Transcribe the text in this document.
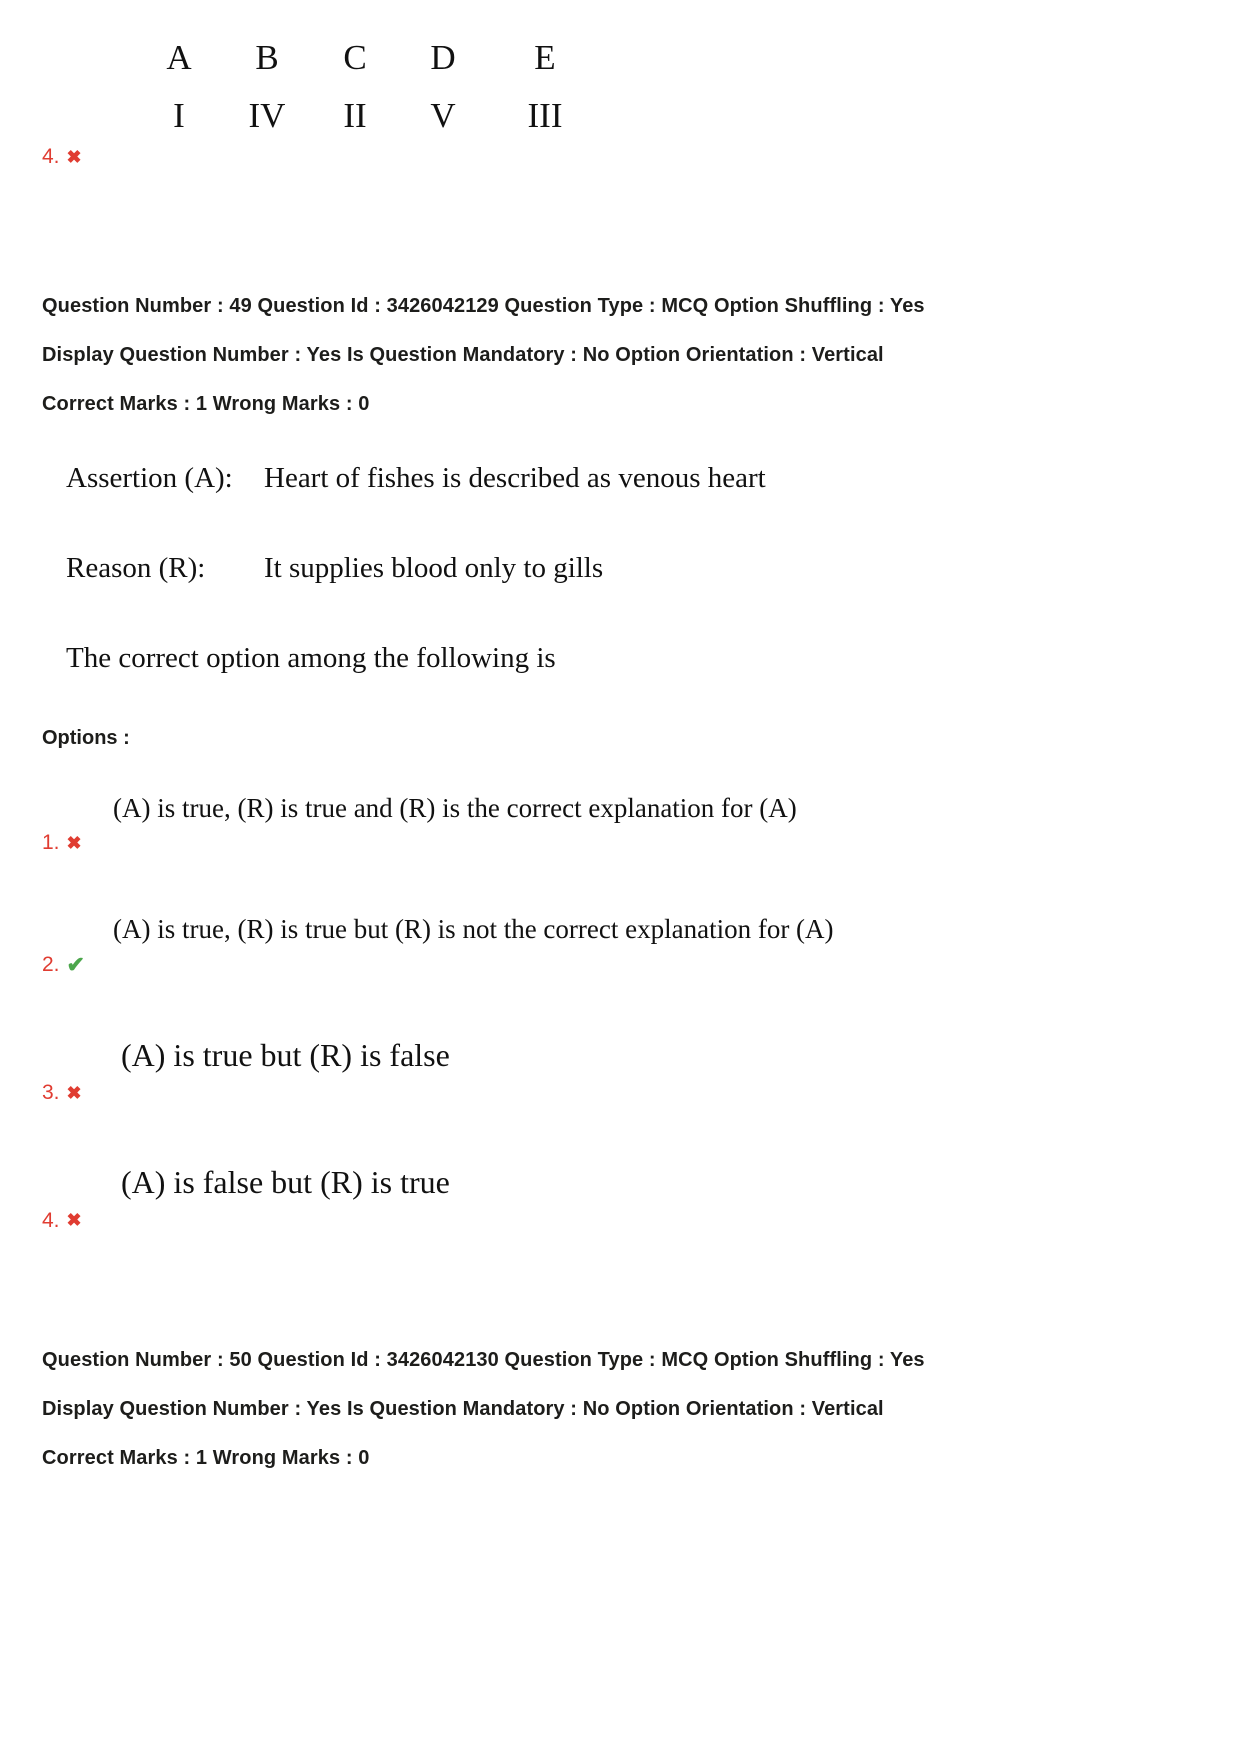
A	B	C	D	E
I	IV	II	V	III
4. ✖
Question Number : 49 Question Id : 3426042129 Question Type : MCQ Option Shuffling : Yes
Display Question Number : Yes Is Question Mandatory : No Option Orientation : Vertical
Correct Marks : 1 Wrong Marks : 0
Assertion (A):	Heart of fishes is described as venous heart
Reason (R):	It supplies blood only to gills
The correct option among the following is
Options :
(A) is true, (R) is true and (R) is the correct explanation for (A)
1. ✖
(A) is true, (R) is true but (R) is not the correct explanation for (A)
2. ✔
(A) is true but (R) is false
3. ✖
(A) is false but (R) is true
4. ✖
Question Number : 50 Question Id : 3426042130 Question Type : MCQ Option Shuffling : Yes
Display Question Number : Yes Is Question Mandatory : No Option Orientation : Vertical
Correct Marks : 1 Wrong Marks : 0
